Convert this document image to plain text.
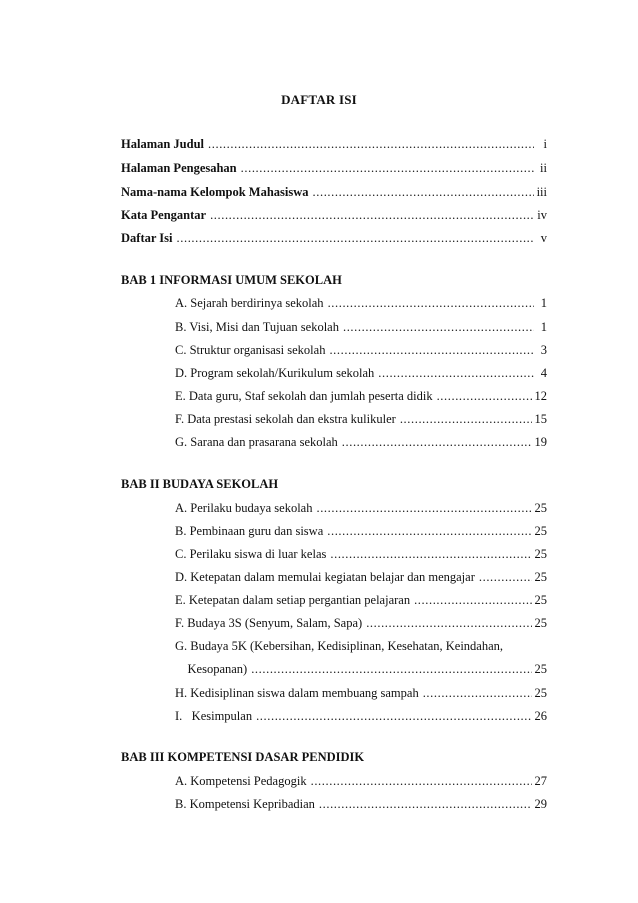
DAFTAR ISI
Halaman Judul .....	i
Halaman Pengesahan .....	ii
Nama-nama Kelompok Mahasiswa .....	iii
Kata Pengantar .....	iv
Daftar Isi .....	v
BAB 1 INFORMASI UMUM SEKOLAH
A. Sejarah berdirinya sekolah .....	1
B. Visi, Misi dan Tujuan sekolah .....	1
C. Struktur organisasi sekolah .....	3
D. Program sekolah/Kurikulum sekolah .....	4
E. Data guru, Staf sekolah dan jumlah peserta didik .....	12
F. Data prestasi sekolah dan ekstra kulikuler .....	15
G. Sarana dan prasarana sekolah .....	19
BAB II BUDAYA SEKOLAH
A. Perilaku budaya sekolah .....	25
B. Pembinaan guru dan siswa .....	25
C. Perilaku siswa di luar kelas .....	25
D. Ketepatan dalam memulai kegiatan belajar dan mengajar .....	25
E. Ketepatan dalam setiap pergantian pelajaran .....	25
F. Budaya 3S (Senyum, Salam, Sapa) .....	25
G. Budaya 5K (Kebersihan, Kedisiplinan, Kesehatan, Keindahan,
Kesopanan) .....	25
H. Kedisiplinan siswa dalam membuang sampah .....	25
I.   Kesimpulan .....	26
BAB III KOMPETENSI DASAR PENDIDIK
A. Kompetensi Pedagogik .....	27
B. Kompetensi Kepribadian .....	29
